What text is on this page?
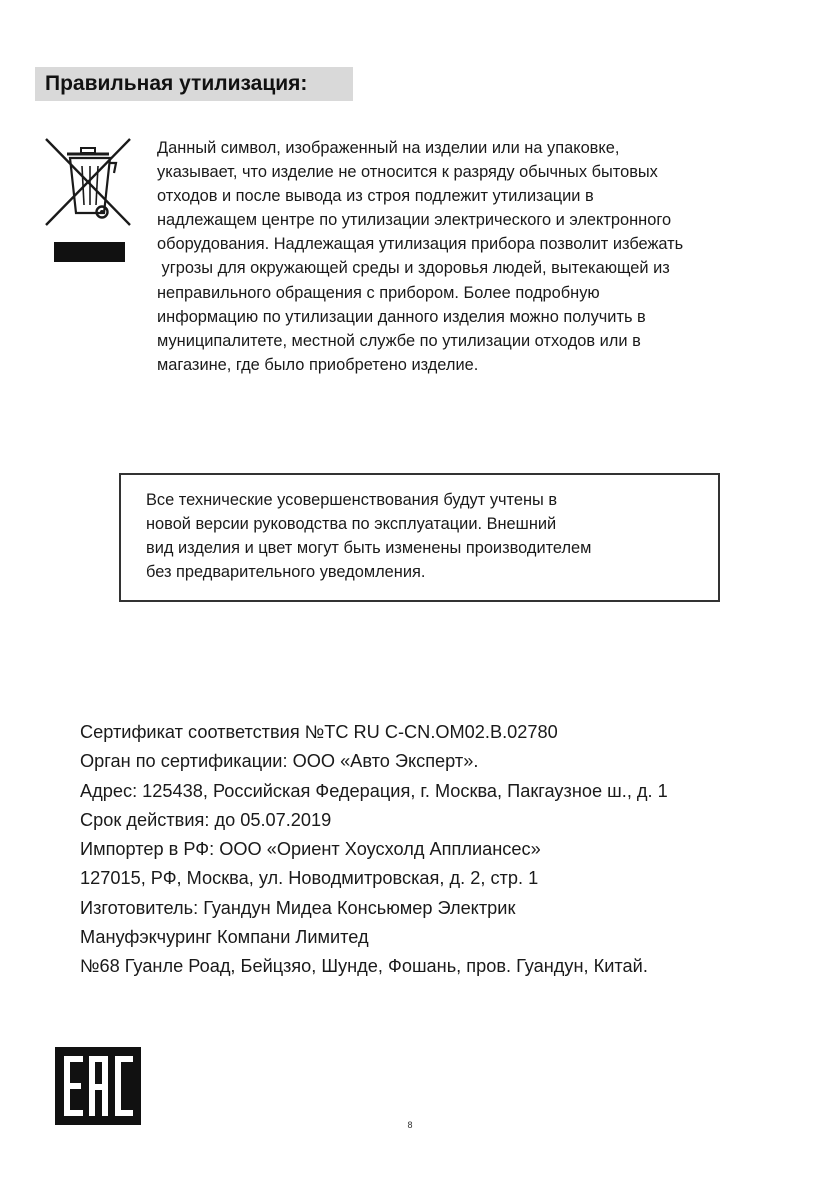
Правильная утилизация:
Данный символ, изображенный на изделии или на упаковке,
указывает, что изделие не относится к разряду обычных бытовых
отходов и после вывода из строя подлежит утилизации в
надлежащем центре по утилизации электрического и электронного
оборудования. Надлежащая утилизация прибора позволит избежать
угрозы для окружающей среды и здоровья людей, вытекающей из
неправильного обращения с прибором. Более подробную
информацию по утилизации данного изделия можно получить в
муниципалитете, местной службе по утилизации отходов или в
магазине, где было приобретено изделие.
Все технические усовершенствования будут учтены в
новой версии руководства по эксплуатации. Внешний
вид изделия и цвет могут быть изменены производителем
без предварительного уведомления.
Сертификат соответствия №ТС RU C-CN.ОМ02.В.02780
Орган по сертификации: ООО «Авто Эксперт».
Адрес: 125438, Российская Федерация, г. Москва, Пакгаузное ш., д. 1
Срок действия: до 05.07.2019
Импортер в РФ: ООО «Ориент Хоусхолд Апплиансес»
127015, РФ, Москва, ул. Новодмитровская, д. 2, стр. 1
Изготовитель: Гуандун Мидеа Консьюмер Электрик
Мануфэкчуринг Компани Лимитед
№68 Гуанле Роад, Бейцзяо, Шунде, Фошань, пров. Гуандун, Китай.
8
